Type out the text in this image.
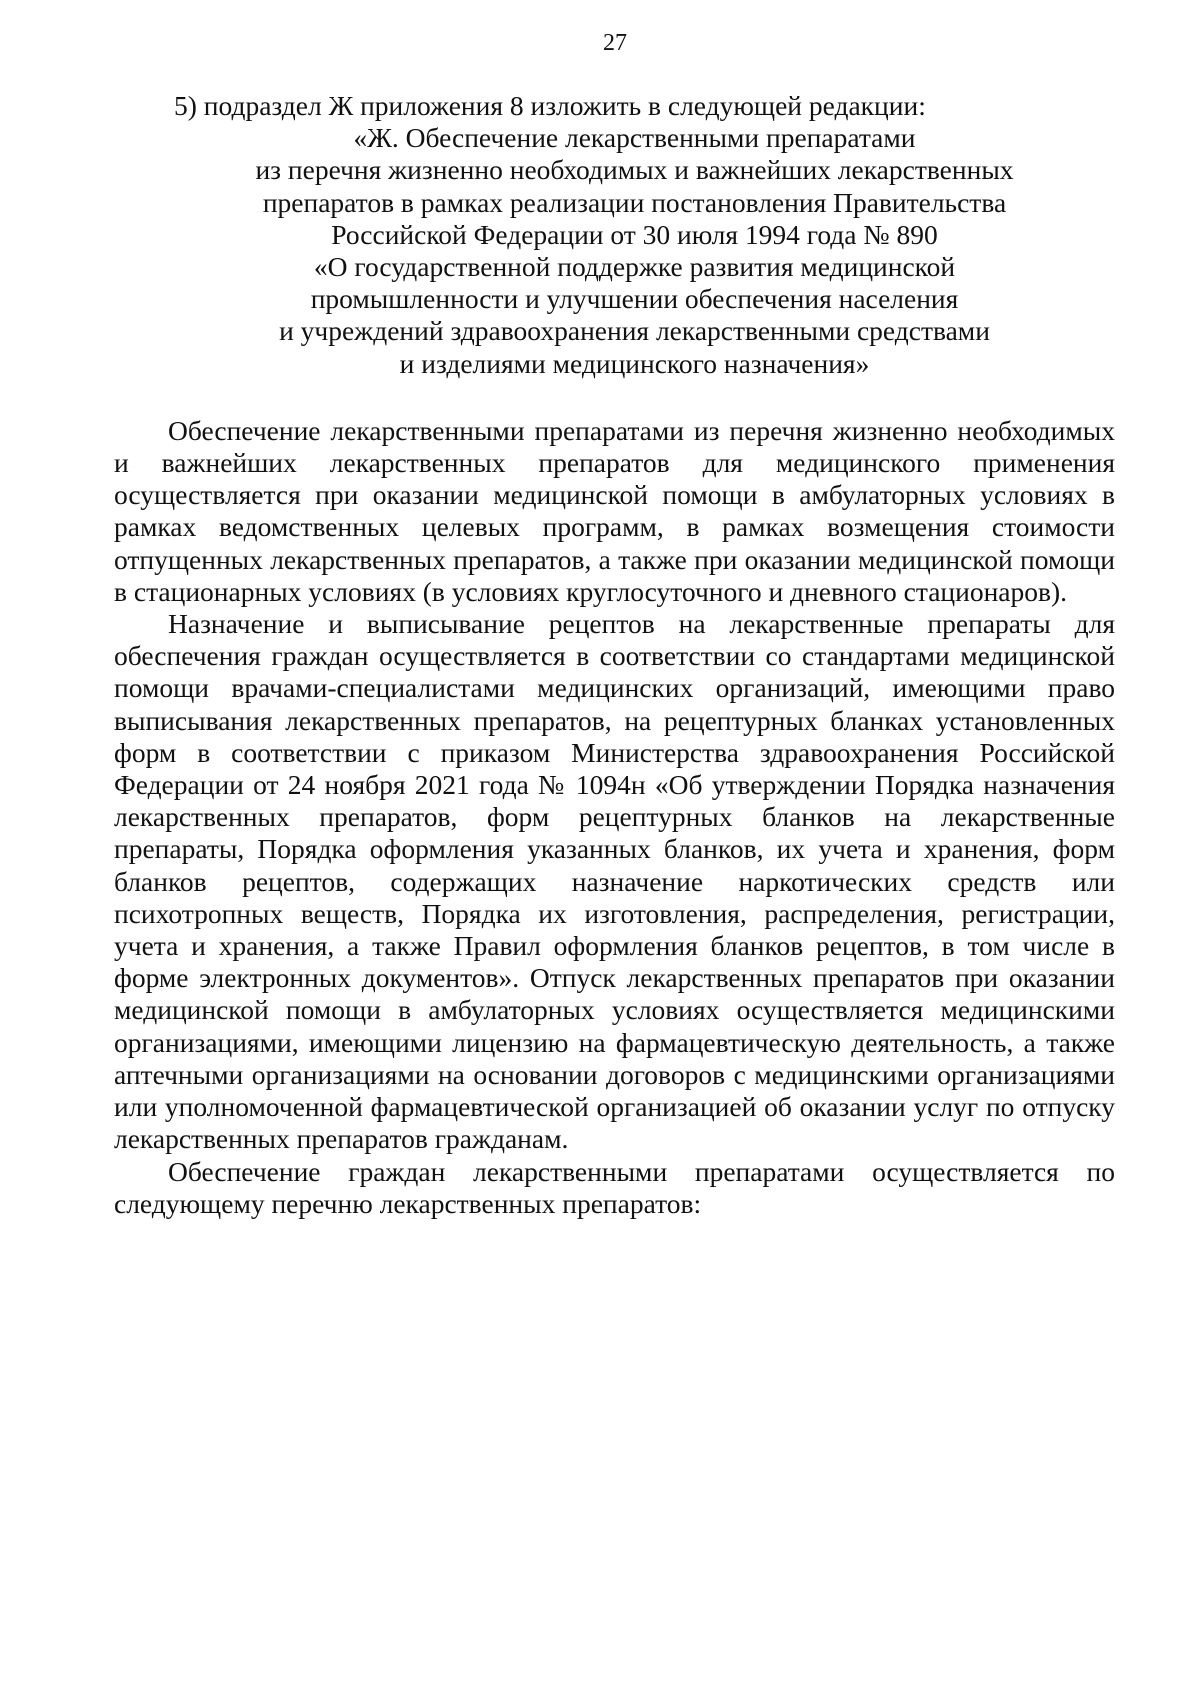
27

5) подраздел Ж приложения 8 изложить в следующей редакции:

«Ж. Обеспечение лекарственными препаратами
из перечня жизненно необходимых и важнейших лекарственных
препаратов в рамках реализации постановления Правительства
Российской Федерации от 30 июля 1994 года № 890
«О государственной поддержке развития медицинской
промышленности и улучшении обеспечения населения
и учреждений здравоохранения лекарственными средствами
и изделиями медицинского назначения»

Обеспечение лекарственными препаратами из перечня жизненно необходимых и важнейших лекарственных препаратов для медицинского применения осуществляется при оказании медицинской помощи в амбулаторных условиях в рамках ведомственных целевых программ, в рамках возмещения стоимости отпущенных лекарственных препаратов, а также при оказании медицинской помощи в стационарных условиях (в условиях круглосуточного и дневного стационаров).

Назначение и выписывание рецептов на лекарственные препараты для обеспечения граждан осуществляется в соответствии со стандартами медицинской помощи врачами-специалистами медицинских организаций, имеющими право выписывания лекарственных препаратов, на рецептурных бланках установленных форм в соответствии с приказом Министерства здравоохранения Российской Федерации от 24 ноября 2021 года № 1094н «Об утверждении Порядка назначения лекарственных препаратов, форм рецептурных бланков на лекарственные препараты, Порядка оформления указанных бланков, их учета и хранения, форм бланков рецептов, содержащих назначение наркотических средств или психотропных веществ, Порядка их изготовления, распределения, регистрации, учета и хранения, а также Правил оформления бланков рецептов, в том числе в форме электронных документов». Отпуск лекарственных препаратов при оказании медицинской помощи в амбулаторных условиях осуществляется медицинскими организациями, имеющими лицензию на фармацевтическую деятельность, а также аптечными организациями на основании договоров с медицинскими организациями или уполномоченной фармацевтической организацией об оказании услуг по отпуску лекарственных препаратов гражданам.

Обеспечение граждан лекарственными препаратами осуществляется по следующему перечню лекарственных препаратов:
